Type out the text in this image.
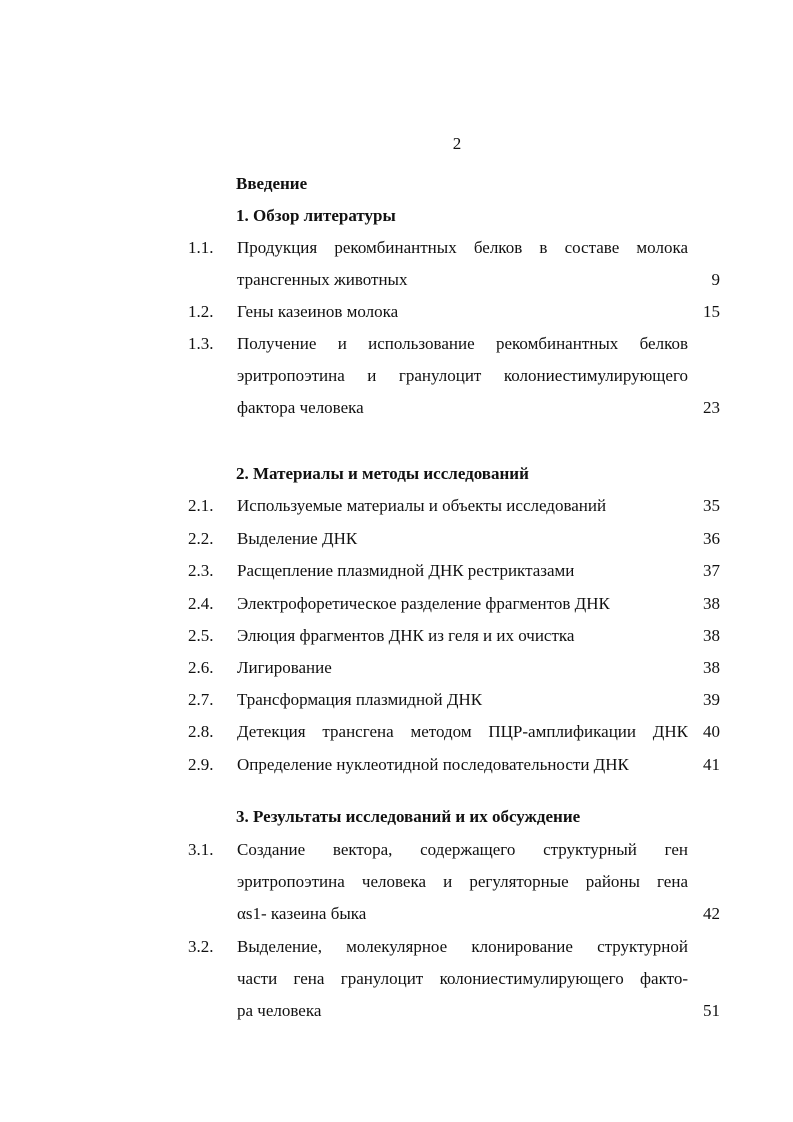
2
Введение
1. Обзор литературы
1.1. Продукция рекомбинантных белков в составе молока
трансгенных животных	9
1.2. Гены казеинов молока	15
1.3. Получение и использование рекомбинантных белков
эритропоэтина и гранулоцит колониестимулирующего
фактора человека	23
2. Материалы и методы исследований
2.1. Используемые материалы и объекты исследований	35
2.2. Выделение ДНК	36
2.3. Расщепление плазмидной ДНК рестриктазами	37
2.4. Электрофоретическое разделение фрагментов ДНК	38
2.5. Элюция фрагментов ДНК из геля и их очистка	38
2.6. Лигирование	38
2.7. Трансформация плазмидной ДНК	39
2.8. Детекция трансгена методом ПЦР-амплификации ДНК 40
2.9. Определение нуклеотидной последовательности ДНК	41
3. Результаты исследований и их обсуждение
3.1. Создание вектора, содержащего структурный ген
эритропоэтина человека и регуляторные районы гена
αs1- казеина быка	42
3.2. Выделение, молекулярное клонирование структурной
части гена гранулоцит колониестимулирующего факто-
ра человека	51
